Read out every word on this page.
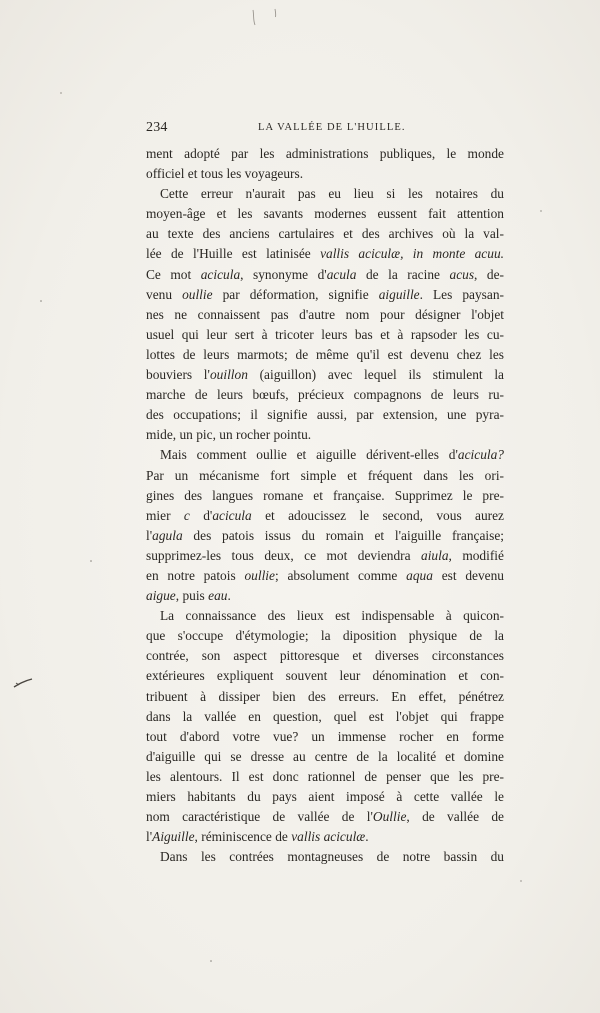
234	LA VALLÉE DE L'HUILLE.
ment adopté par les administrations publiques, le monde
officiel et tous les voyageurs.
Cette erreur n'aurait pas eu lieu si les notaires du
moyen-âge et les savants modernes eussent fait attention
au texte des anciens cartulaires et des archives où la val-
lée de l'Huille est latinisée vallis aciculæ, in monte acuu.
Ce mot acicula, synonyme d'acula de la racine acus, de-
venu oullie par déformation, signifie aiguille. Les paysan-
nes ne connaissent pas d'autre nom pour désigner l'objet
usuel qui leur sert à tricoter leurs bas et à rapsoder les cu-
lottes de leurs marmots; de même qu'il est devenu chez les
bouviers l'ouillon (aiguillon) avec lequel ils stimulent la
marche de leurs bœufs, précieux compagnons de leurs ru-
des occupations; il signifie aussi, par extension, une pyra-
mide, un pic, un rocher pointu.
Mais comment oullie et aiguille dérivent-elles d'acicula?
Par un mécanisme fort simple et fréquent dans les ori-
gines des langues romane et française. Supprimez le pre-
mier c d'acicula et adoucissez le second, vous aurez
l'agula des patois issus du romain et l'aiguille française;
supprimez-les tous deux, ce mot deviendra aiula, modifié
en notre patois oullie; absolument comme aqua est devenu
aigue, puis eau.
La connaissance des lieux est indispensable à quicon-
que s'occupe d'étymologie; la diposition physique de la
contrée, son aspect pittoresque et diverses circonstances
extérieures expliquent souvent leur dénomination et con-
tribuent à dissiper bien des erreurs. En effet, pénétrez
dans la vallée en question, quel est l'objet qui frappe
tout d'abord votre vue? un immense rocher en forme
d'aiguille qui se dresse au centre de la localité et domine
les alentours. Il est donc rationnel de penser que les pre-
miers habitants du pays aient imposé à cette vallée le
nom caractéristique de vallée de l'Oullie, de vallée de
l'Aiguille, réminiscence de vallis aciculæ.
Dans les contrées montagneuses de notre bassin du
